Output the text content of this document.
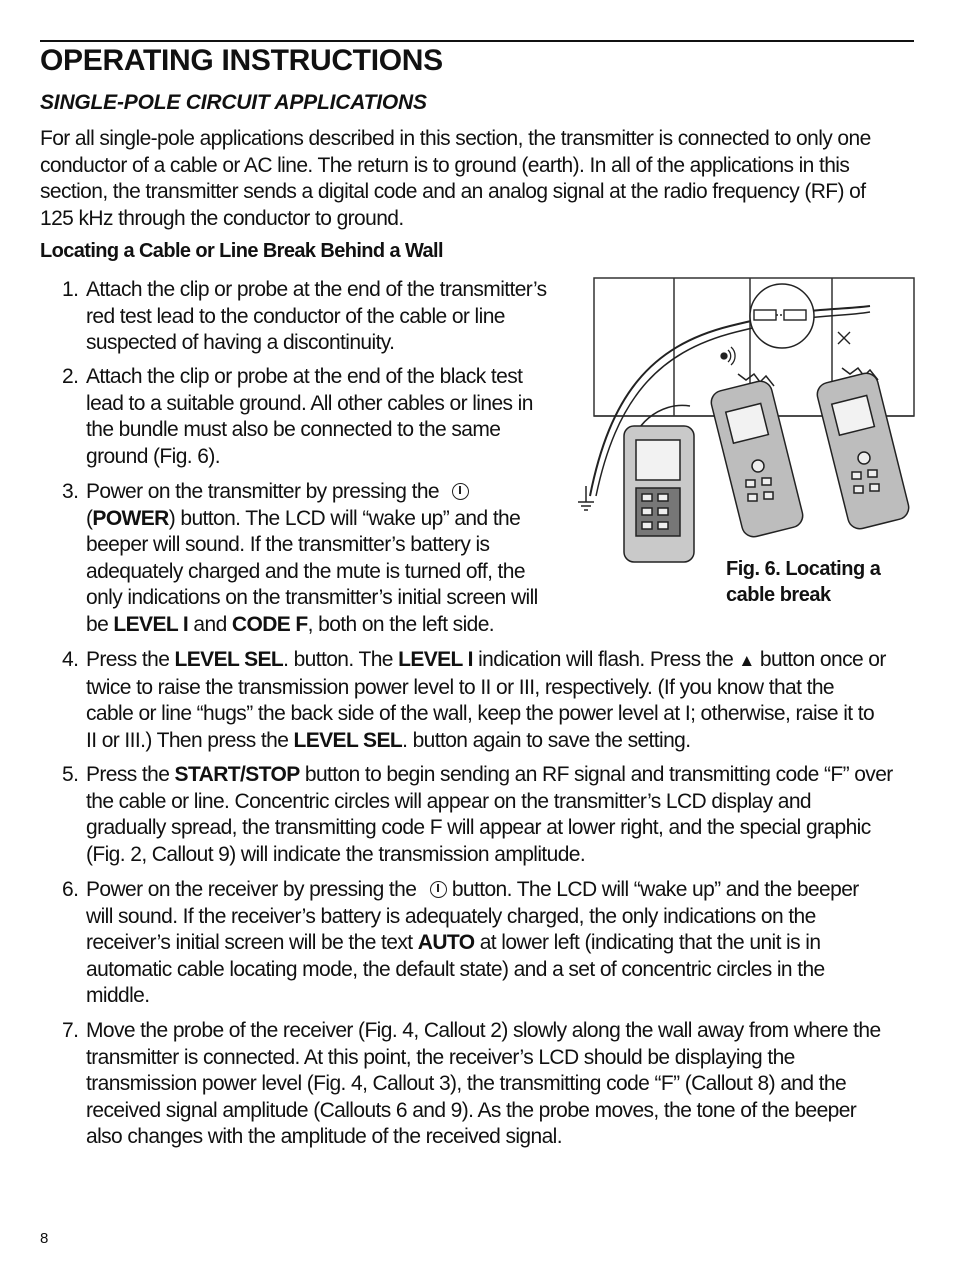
OPERATING INSTRUCTIONS
SINGLE-POLE CIRCUIT APPLICATIONS
For all single-pole applications described in this section, the transmitter is connected to only one
conductor of a cable or AC line. The return is to ground (earth). In all of the applications in this
section, the transmitter sends a digital code and an analog signal at the radio frequency (RF) of
125 kHz through the conductor to ground.
Locating a Cable or Line Break Behind a Wall
1. Attach the clip or probe at the end of the transmitter’s
red test lead to the conductor of the cable or line
suspected of having a discontinuity.
2. Attach the clip or probe at the end of the black test
lead to a suitable ground. All other cables or lines in
the bundle must also be connected to the same
ground (Fig. 6).
3. Power on the transmitter by pressing the
(POWER) button. The LCD will “wake up” and the
beeper will sound. If the transmitter’s battery is
adequately charged and the mute is turned off, the
only indications on the transmitter’s initial screen will
be LEVEL I and CODE F, both on the left side.
4. Press the LEVEL SEL. button. The LEVEL I indication will flash. Press the ▲ button once or
twice to raise the transmission power level to II or III, respectively. (If you know that the
cable or line “hugs” the back side of the wall, keep the power level at I; otherwise, raise it to
II or III.) Then press the LEVEL SEL. button again to save the setting.
5. Press the START/STOP button to begin sending an RF signal and transmitting code “F” over
the cable or line. Concentric circles will appear on the transmitter’s LCD display and
gradually spread, the transmitting code F will appear at lower right, and the special graphic
(Fig. 2, Callout 9) will indicate the transmission amplitude.
6. Power on the receiver by pressing the  button. The LCD will “wake up” and the beeper
will sound. If the receiver’s battery is adequately charged, the only indications on the
receiver’s initial screen will be the text AUTO at lower left (indicating that the unit is in
automatic cable locating mode, the default state) and a set of concentric circles in the
middle.
7. Move the probe of the receiver (Fig. 4, Callout 2) slowly along the wall away from where the
transmitter is connected. At this point, the receiver’s LCD should be displaying the
transmission power level (Fig. 4, Callout 3), the transmitting code “F” (Callout 8) and the
received signal amplitude (Callouts 6 and 9). As the probe moves, the tone of the beeper
also changes with the amplitude of the received signal.
Fig. 6. Locating a
cable break
8
